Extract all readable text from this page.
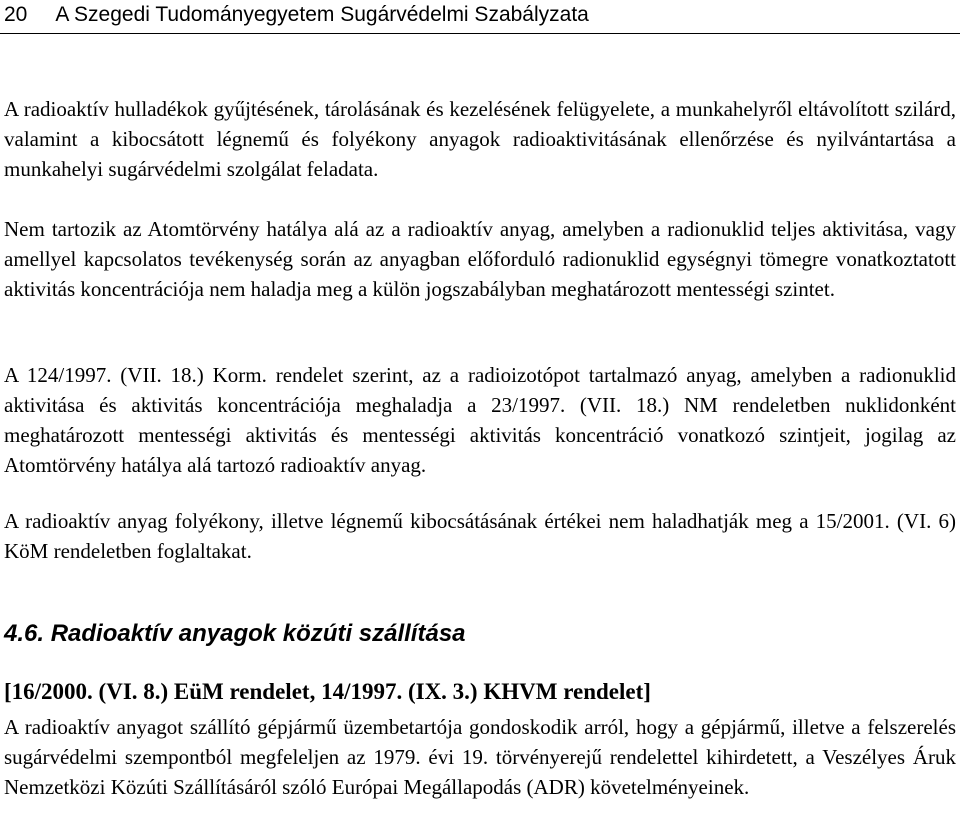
20 A Szegedi Tudományegyetem Sugárvédelmi Szabályzata

A radioaktív hulladékok gyűjtésének, tárolásának és kezelésének felügyelete, a munkahelyről eltávolított szilárd, valamint a kibocsátott légnemű és folyékony anyagok radioaktivitásának ellenőrzése és nyilvántartása a munkahelyi sugárvédelmi szolgálat feladata.

Nem tartozik az Atomtörvény hatálya alá az a radioaktív anyag, amelyben a radionuklid teljes aktivitása, vagy amellyel kapcsolatos tevékenység során az anyagban előforduló radionuklid egységnyi tömegre vonatkoztatott aktivitás koncentrációja nem haladja meg a külön jogszabályban meghatározott mentességi szintet.

A 124/1997. (VII. 18.) Korm. rendelet szerint, az a radioizotópot tartalmazó anyag, amelyben a radionuklid aktivitása és aktivitás koncentrációja meghaladja a 23/1997. (VII. 18.) NM rendeletben nuklidonként meghatározott mentességi aktivitás és mentességi aktivitás koncentráció vonatkozó szintjeit, jogilag az Atomtörvény hatálya alá tartozó radioaktív anyag.

A radioaktív anyag folyékony, illetve légnemű kibocsátásának értékei nem haladhatják meg a 15/2001. (VI. 6) KöM rendeletben foglaltakat.

4.6. Radioaktív anyagok közúti szállítása
[16/2000. (VI. 8.) EüM rendelet, 14/1997. (IX. 3.) KHVM rendelet]

A radioaktív anyagot szállító gépjármű üzembetartója gondoskodik arról, hogy a gépjármű, illetve a felszerelés sugárvédelmi szempontból megfeleljen az 1979. évi 19. törvényerejű rendelettel kihirdetett, a Veszélyes Áruk Nemzetközi Közúti Szállításáról szóló Európai Megállapodás (ADR) követelményeinek.
